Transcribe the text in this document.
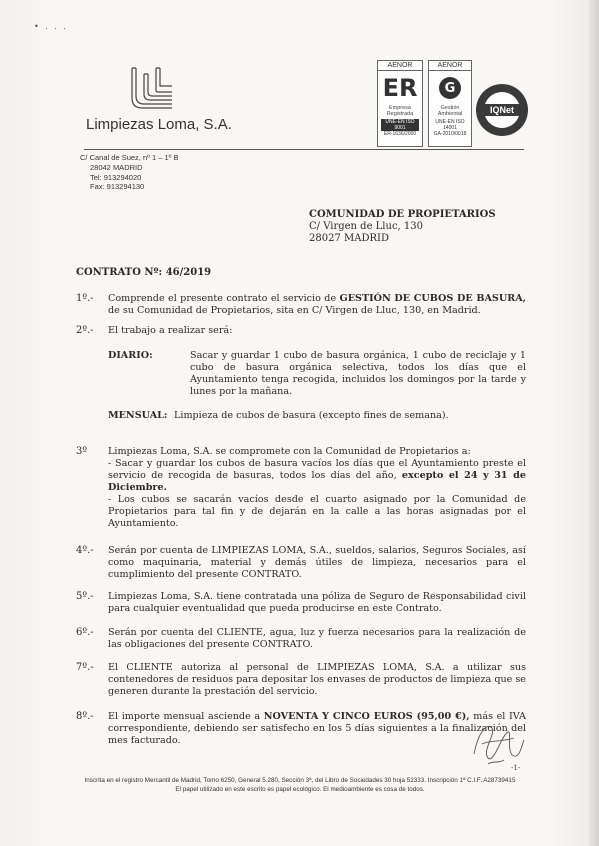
• . . .
Limpiezas Loma, S.A.
AENOR
ER
Empresa
Registrada
UNE-EN ISO 9001
ER-1636/2000
AENOR
G
Gestión
Ambiental
UNE-EN ISO 14001
GA-2010/0018
IQNet
C/ Canal de Suez, nº 1 – 1º B
28042 MADRID
Tel: 913294020
Fax: 913294130
COMUNIDAD DE PROPIETARIOS
C/ Virgen de Lluc, 130
28027 MADRID
CONTRATO Nº: 46/2019
1º.- Comprende el presente contrato el servicio de GESTIÓN DE CUBOS DE BASURA, de su Comunidad de Propietarios, sita en C/ Virgen de Lluc, 130, en Madrid.
2º.- El trabajo a realizar será:
DIARIO:	Sacar y guardar 1 cubo de basura orgánica, 1 cubo de reciclaje y 1 cubo de basura orgánica selectiva, todos los días que el Ayuntamiento tenga recogida, incluidos los domingos por la tarde y lunes por la mañana.
MENSUAL: Limpieza de cubos de basura (excepto fines de semana).
3º Limpiezas Loma, S.A. se compromete con la Comunidad de Propietarios a:
- Sacar y guardar los cubos de basura vacíos los días que el Ayuntamiento preste el servicio de recogida de basuras, todos los días del año, excepto el 24 y 31 de Diciembre.
- Los cubos se sacarán vacíos desde el cuarto asignado por la Comunidad de Propietarios para tal fin y de dejarán en la calle a las horas asignadas por el Ayuntamiento.
4º.- Serán por cuenta de LIMPIEZAS LOMA, S.A., sueldos, salarios, Seguros Sociales, así como maquinaria, material y demás útiles de limpieza, necesarios para el cumplimiento del presente CONTRATO.
5º.- Limpiezas Loma, S.A. tiene contratada una póliza de Seguro de Responsabilidad civil para cualquier eventualidad que pueda producirse en este Contrato.
6º.- Serán por cuenta del CLIENTE, agua, luz y fuerza necesarios para la realización de las obligaciones del presente CONTRATO.
7º.- El CLIENTE autoriza al personal de LIMPIEZAS LOMA, S.A. a utilizar sus contenedores de residuos para depositar los envases de productos de limpieza que se generen durante la prestación del servicio.
8º.- El importe mensual asciende a NOVENTA Y CINCO EUROS (95,00 €), más el IVA correspondiente, debiendo ser satisfecho en los 5 días siguientes a la finalización del mes facturado.
-1-
Inscrita en el registro Mercantil de Madrid, Tomo 6250, General 5.280, Sección 3ª, del Libro de Sociedades 30 hoja 52333. Inscripción 1ª C.I.F. A28739415
El papel utilizado en este escrito es papel ecológico. El medioambiente es cosa de todos.
